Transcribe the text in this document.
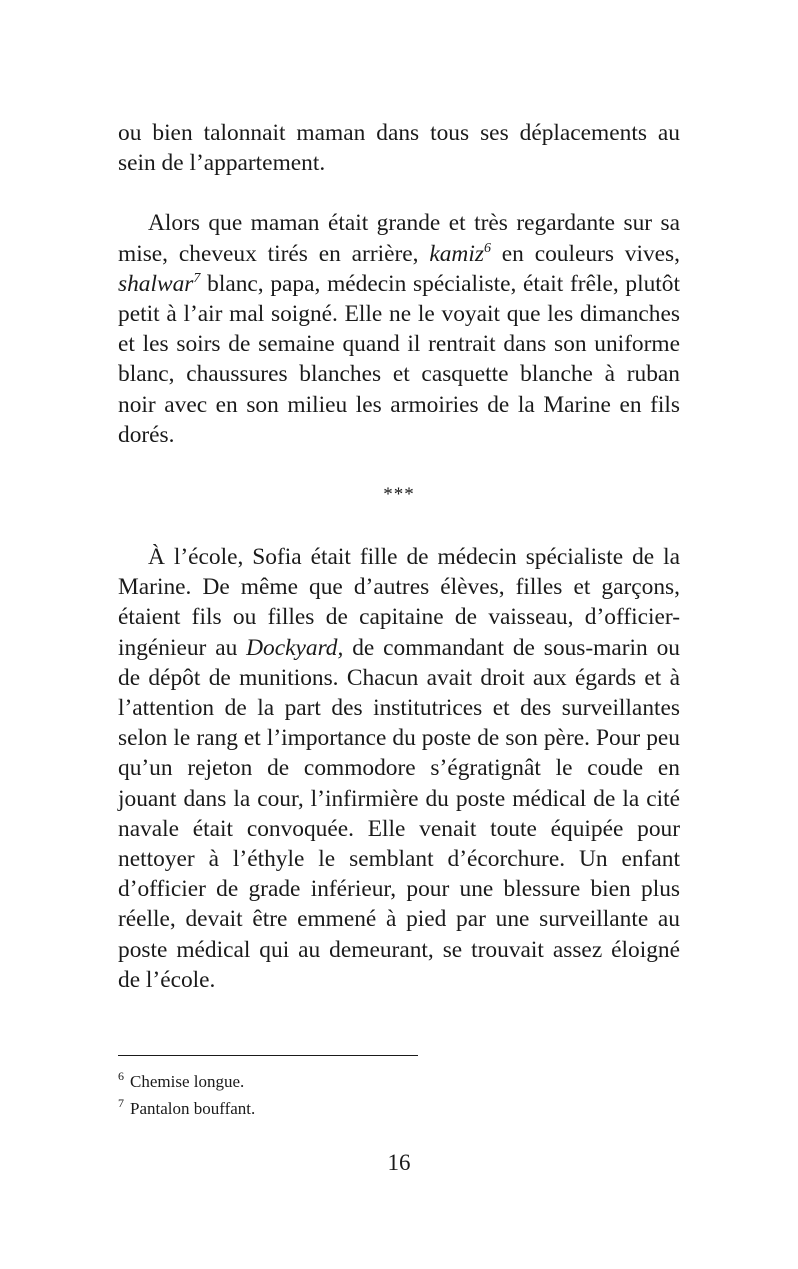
ou bien talonnait maman dans tous ses déplacements au sein de l’appartement.

Alors que maman était grande et très regardante sur sa mise, cheveux tirés en arrière, kamiz$^6$ en couleurs vives, shalwar$^7$ blanc, papa, médecin spécialiste, était frêle, plutôt petit à l’air mal soigné. Elle ne le voyait que les dimanches et les soirs de semaine quand il rentrait dans son uniforme blanc, chaussures blanches et casquette blanche à ruban noir avec en son milieu les armoiries de la Marine en fils dorés.

***

À l’école, Sofia était fille de médecin spécialiste de la Marine. De même que d’autres élèves, filles et garçons, étaient fils ou filles de capitaine de vaisseau, d’officier-ingénieur au Dockyard, de commandant de sous-marin ou de dépôt de munitions. Chacun avait droit aux égards et à l’attention de la part des institutrices et des surveillantes selon le rang et l’importance du poste de son père. Pour peu qu’un rejeton de commodore s’égratignât le coude en jouant dans la cour, l’infirmière du poste médical de la cité navale était convoquée. Elle venait toute équipée pour nettoyer à l’éthyle le semblant d’écorchure. Un enfant d’officier de grade inférieur, pour une blessure bien plus réelle, devait être emmené à pied par une surveillante au poste médical qui au demeurant, se trouvait assez éloigné de l’école.

$^6$ Chemise longue.
$^7$ Pantalon bouffant.
16
